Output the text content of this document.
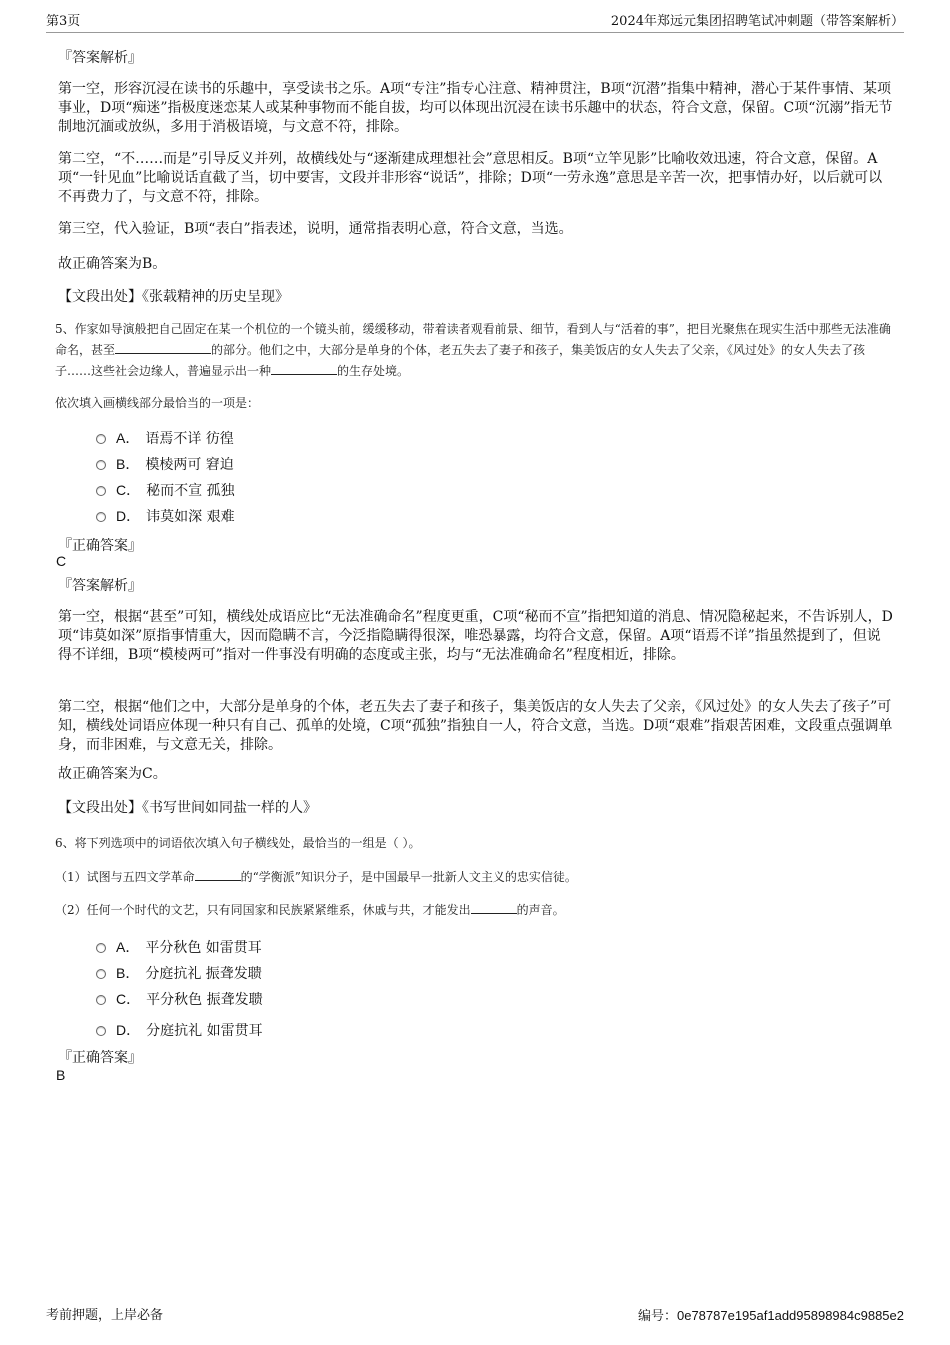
第3页	2024年郑远元集团招聘笔试冲刺题（带答案解析）
『答案解析』
第一空，形容沉浸在读书的乐趣中，享受读书之乐。A项“专注”指专心注意、精神贯注，B项“沉潜”指集中精神，潜心于某件事情、某项事业，D项“痴迷”指极度迷恋某人或某种事物而不能自拔，均可以体现出沉浸在读书乐趣中的状态，符合文意，保留。C项“沉溺”指无节制地沉湎或放纵，多用于消极语境，与文意不符，排除。
第二空，“不……而是”引导反义并列，故横线处与“逐渐建成理想社会”意思相反。B项“立竿见影”比喻收效迅速，符合文意，保留。A项“一针见血”比喻说话直截了当，切中要害，文段并非形容“说话”，排除；D项“一劳永逸”意思是辛苦一次，把事情办好，以后就可以不再费力了，与文意不符，排除。
第三空，代入验证，B项“表白”指表述，说明，通常指表明心意，符合文意，当选。
故正确答案为B。
【文段出处】《张载精神的历史呈现》
5、作家如导演般把自己固定在某一个机位的一个镜头前，缓缓移动，带着读者观看前景、细节，看到人与“活着的事”，把目光聚焦在现实生活中那些无法准确命名，甚至	的部分。他们之中，大部分是单身的个体，老五失去了妻子和孩子，集美饭店的女人失去了父亲，《风过处》的女人失去了孩子……这些社会边缘人，普遍显示出一种	的生存处境。
依次填入画横线部分最恰当的一项是：
A． 语焉不详 彷徨
B． 模棱两可 窘迫
C． 秘而不宣 孤独
D． 讳莫如深 艰难
『正确答案』
C
『答案解析』
第一空，根据“甚至”可知，横线处成语应比“无法准确命名”程度更重，C项“秘而不宣”指把知道的消息、情况隐秘起来，不告诉别人，D项“讳莫如深”原指事情重大，因而隐瞒不言，今泛指隐瞒得很深，唯恐暴露，均符合文意，保留。A项“语焉不详”指虽然提到了，但说得不详细，B项“模棱两可”指对一件事没有明确的态度或主张，均与“无法准确命名”程度相近，排除。
第二空，根据“他们之中，大部分是单身的个体，老五失去了妻子和孩子，集美饭店的女人失去了父亲，《风过处》的女人失去了孩子”可知，横线处词语应体现一种只有自己、孤单的处境，C项“孤独”指独自一人，符合文意，当选。D项“艰难”指艰苦困难，文段重点强调单身，而非困难，与文意无关，排除。
故正确答案为C。
【文段出处】《书写世间如同盐一样的人》
6、将下列选项中的词语依次填入句子横线处，最恰当的一组是（ ）。
（1）试图与五四文学革命	的“学衡派”知识分子，是中国最早一批新人文主义的忠实信徒。
（2）任何一个时代的文艺，只有同国家和民族紧紧维系，休戚与共，才能发出	的声音。
A． 平分秋色 如雷贯耳
B． 分庭抗礼 振聋发聩
C． 平分秋色 振聋发聩
D． 分庭抗礼 如雷贯耳
『正确答案』
B
考前押题，上岸必备	编号：0e78787e195af1add95898984c9885e2
